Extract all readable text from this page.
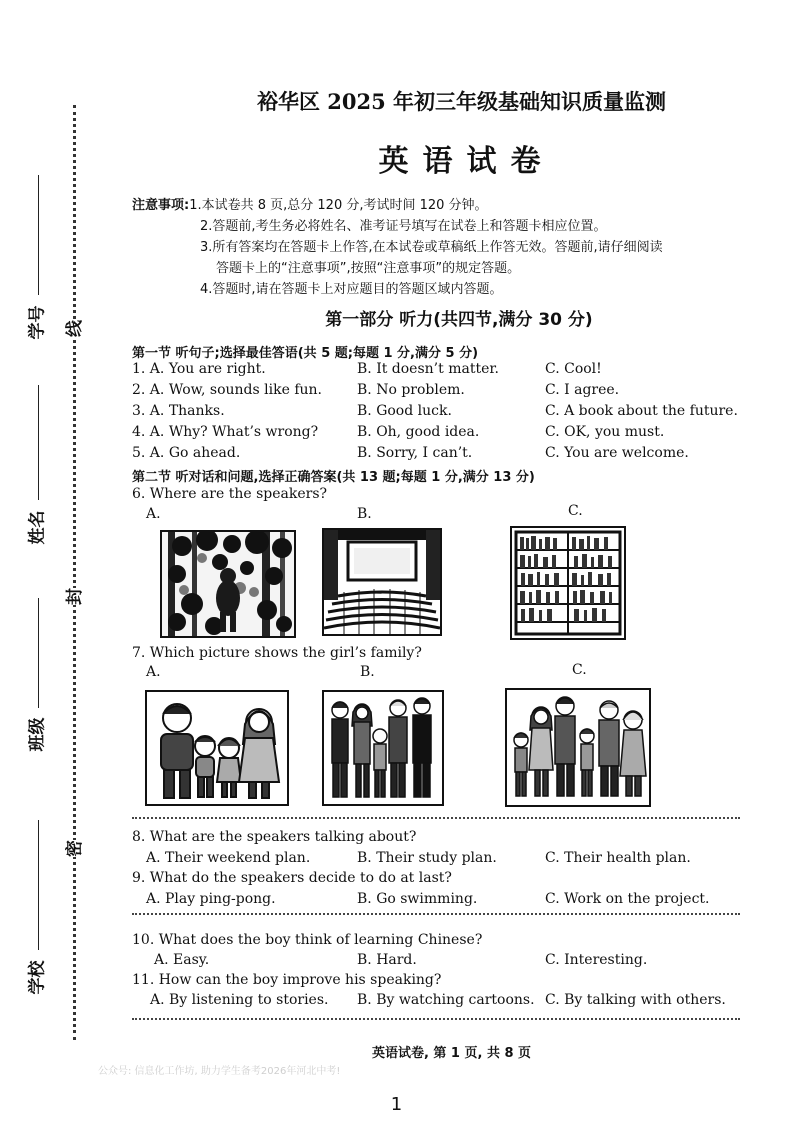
学号
姓名
班级
学校
线
封
密
裕华区 2025 年初三年级基础知识质量监测
英语试卷
注意事项:1.本试卷共 8 页,总分 120 分,考试时间 120 分钟。
2.答题前,考生务必将姓名、准考证号填写在试卷上和答题卡相应位置。
3.所有答案均在答题卡上作答,在本试卷或草稿纸上作答无效。答题前,请仔细阅读
答题卡上的“注意事项”,按照“注意事项”的规定答题。
4.答题时,请在答题卡上对应题目的答题区域内答题。
第一部分 听力(共四节,满分 30 分)
第一节 听句子;选择最佳答语(共 5 题;每题 1 分,满分 5 分)
1. A. You are right.	B. It doesn’t matter.	C. Cool!
2. A. Wow, sounds like fun.	B. No problem.	C. I agree.
3. A. Thanks.	B. Good luck.	C. A book about the future.
4. A. Why? What’s wrong?	B. Oh, good idea.	C. OK, you must.
5. A. Go ahead.	B. Sorry, I can’t.	C. You are welcome.
第二节 听对话和问题,选择正确答案(共 13 题;每题 1 分,满分 13 分)
6. Where are the speakers?
A.	B.	C.
7. Which picture shows the girl’s family?
A.	B.	C.
8. What are the speakers talking about?
A. Their weekend plan.	B. Their study plan.	C. Their health plan.
9. What do the speakers decide to do at last?
A. Play ping-pong.	B. Go swimming.	C. Work on the project.
10. What does the boy think of learning Chinese?
A. Easy.	B. Hard.	C. Interesting.
11. How can the boy improve his speaking?
A. By listening to stories. B. By watching cartoons. C. By talking with others.
英语试卷, 第 1 页, 共 8 页
公众号: 信息化工作坊, 助力学生备考2026年河北中考!
1
